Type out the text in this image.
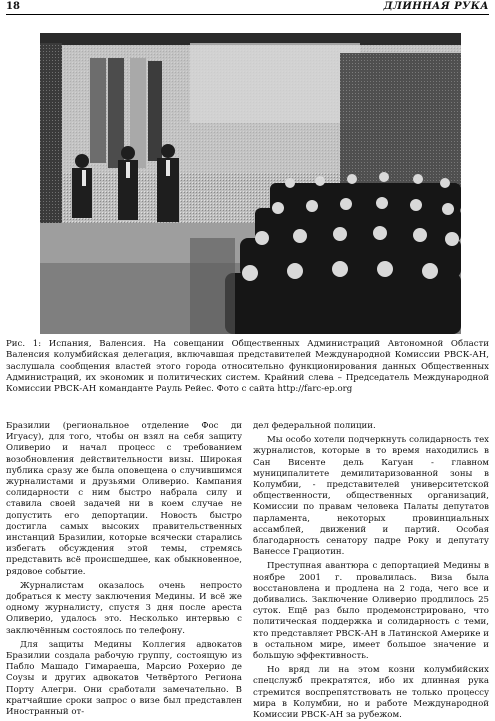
18	ДЛИННАЯ РУКА
Рис. 1: Испания, Валенсия. На совещании Общественных Администраций Автономной Области Валенсия колумбийская делегация, включавшая представителей Международной Комиссии РВСК-АН, заслушала сообщения властей этого города относительно функционирования данных Общественных Администраций, их экономик и политических систем. Крайний слева – Председатель Международной Комиссии РВСК-АН команданте Рауль Рейес. Фото с сайта http://farc-ep.org

Бразилии (региональное отделение Фос ди Игуасу), для того, чтобы он взял на себя защиту Оливерио и начал процесс с требованием возобновления действительности визы. Широкая публика сразу же была оповещена о случившимся журналистами и друзьями Оливерио. Кампания солидарности с ним быстро набрала силу и ставила своей задачей ни в коем случае не допустить его депортации. Новость быстро достигла самых высоких правительственных инстанций Бразилии, которые всячески старались избегать обсуждения этой темы, стремясь представить всё происшедшее, как обыкновенное, рядовое событие.

Журналистам оказалось очень непросто добраться к месту заключения Медины. И всё же одному журналисту, спустя 3 дня после ареста Оливерио, удалось это. Несколько интервью с заключённым состоялось по телефону.

Для защиты Медины Коллегия адвокатов Бразилии создала рабочую группу, состоящую из Пабло Машадо Гимараеша, Марсио Рохерио де Соузы и других адвокатов Четвёртого Региона Порту Алегри. Они сработали замечательно. В кратчайшие сроки запрос о визе был представлен Иностранный от-

дел федеральной полиции.

Мы особо хотели подчеркнуть солидарность тех журналистов, которые в то время находились в Сан Висенте дель Кагуан - главном муниципалитете демилитаризованной зоны в Колумбии, - представителей университетской общественности, общественных организаций, Комиссии по правам человека Палаты депутатов парламента, некоторых провинциальных ассамблей, движений и партий. Особая благодарность сенатору падре Року и депутату Ванессе Грациотин.

Преступная авантюра с депортацией Медины в ноябре 2001 г. провалилась. Виза была восстановлена и продлена на 2 года, чего все и добивались. Заключение Оливерио продлилось 25 суток. Ещё раз было продемонстрировано, что политическая поддержка и солидарность с теми, кто представляет РВСК-АН в Латинской Америке и в остальном мире, имеет большое значение и большую эффективность.

Но вряд ли на этом козни колумбийских спецслужб прекратятся, ибо их длинная рука стремится воспрепятствовать не только процессу мира в Колумбии, но и работе Международной Комиссии РВСК-АН за рубежом.
